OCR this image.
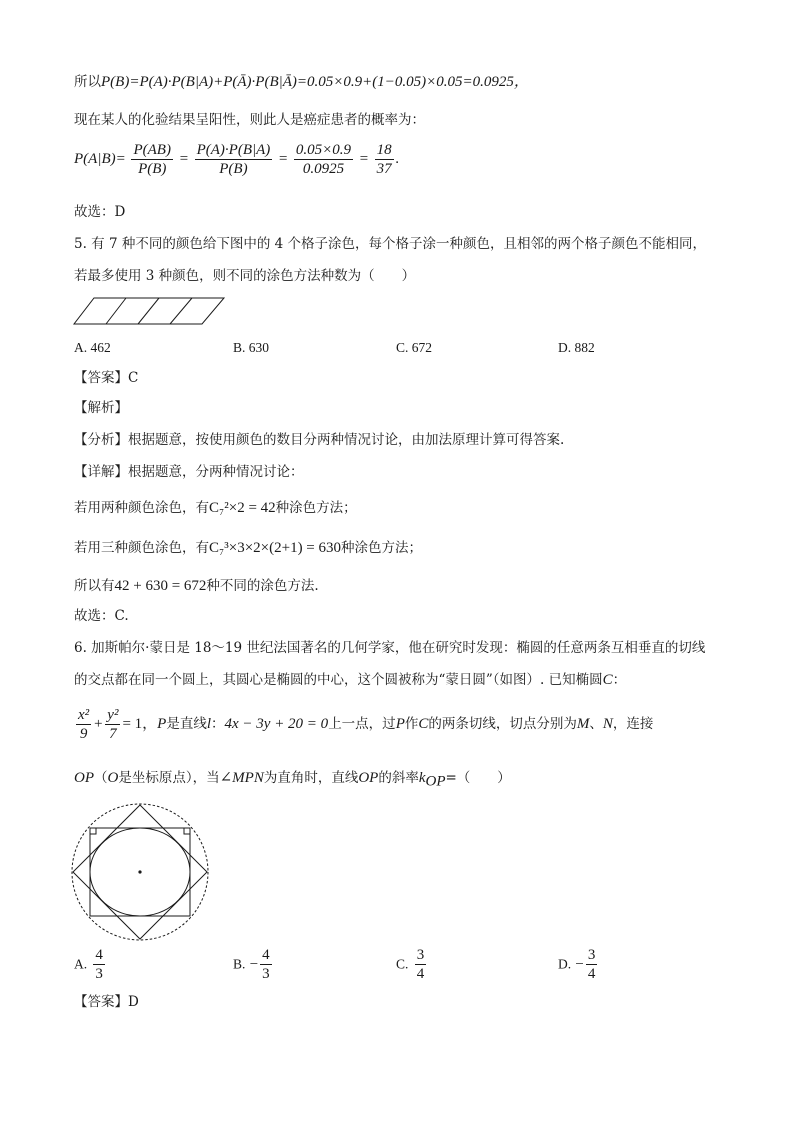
所以P(B)=P(A)·P(B|A)+P(Ā)·P(B|Ā)=0.05×0.9+(1−0.05)×0.05=0.0925，
现在某人的化验结果呈阳性，则此人是癌症患者的概率为：
$P(A|B)= \frac{P(AB)}{P(B)} = \frac{P(A)\cdot P(B|A)}{P(B)} = \frac{0.05\times 0.9}{0.0925} = \frac{18}{37}$ .
故选：D
5. 有 7 种不同的颜色给下图中的 4 个格子涂色，每个格子涂一种颜色，且相邻的两个格子颜色不能相同，
若最多使用 3 种颜色，则不同的涂色方法种数为（　　）
A. 462	B. 630	C. 672	D. 882
【答案】C
【解析】
【分析】根据题意，按使用颜色的数目分两种情况讨论，由加法原理计算可得答案.
【详解】根据题意，分两种情况讨论：
若用两种颜色涂色，有C₇²×2 = 42种涂色方法；
若用三种颜色涂色，有C₇³×3×2×(2+1) = 630种涂色方法；
所以有42 + 630 = 672种不同的涂色方法.
故选：C.
6. 加斯帕尔·蒙日是 18～19 世纪法国著名的几何学家，他在研究时发现：椭圆的任意两条互相垂直的切线
的交点都在同一个圆上，其圆心是椭圆的中心，这个圆被称为“蒙日圆”（如图）. 已知椭圆C：
$\frac{\text{x²}}{9} + \frac{\text{y²}}{7} = 1$，P是直线l：4x − 3y + 20 = 0上一点，过P作C的两条切线，切点分别为M、N，连接
OP（O是坐标原点），当∠MPN为直角时，直线OP的斜率$k_{OP}=$（　　）
A. $\frac{4}{3}$	B. − $\frac{4}{3}$	C. $\frac{3}{4}$	D. − $\frac{3}{4}$
【答案】D
